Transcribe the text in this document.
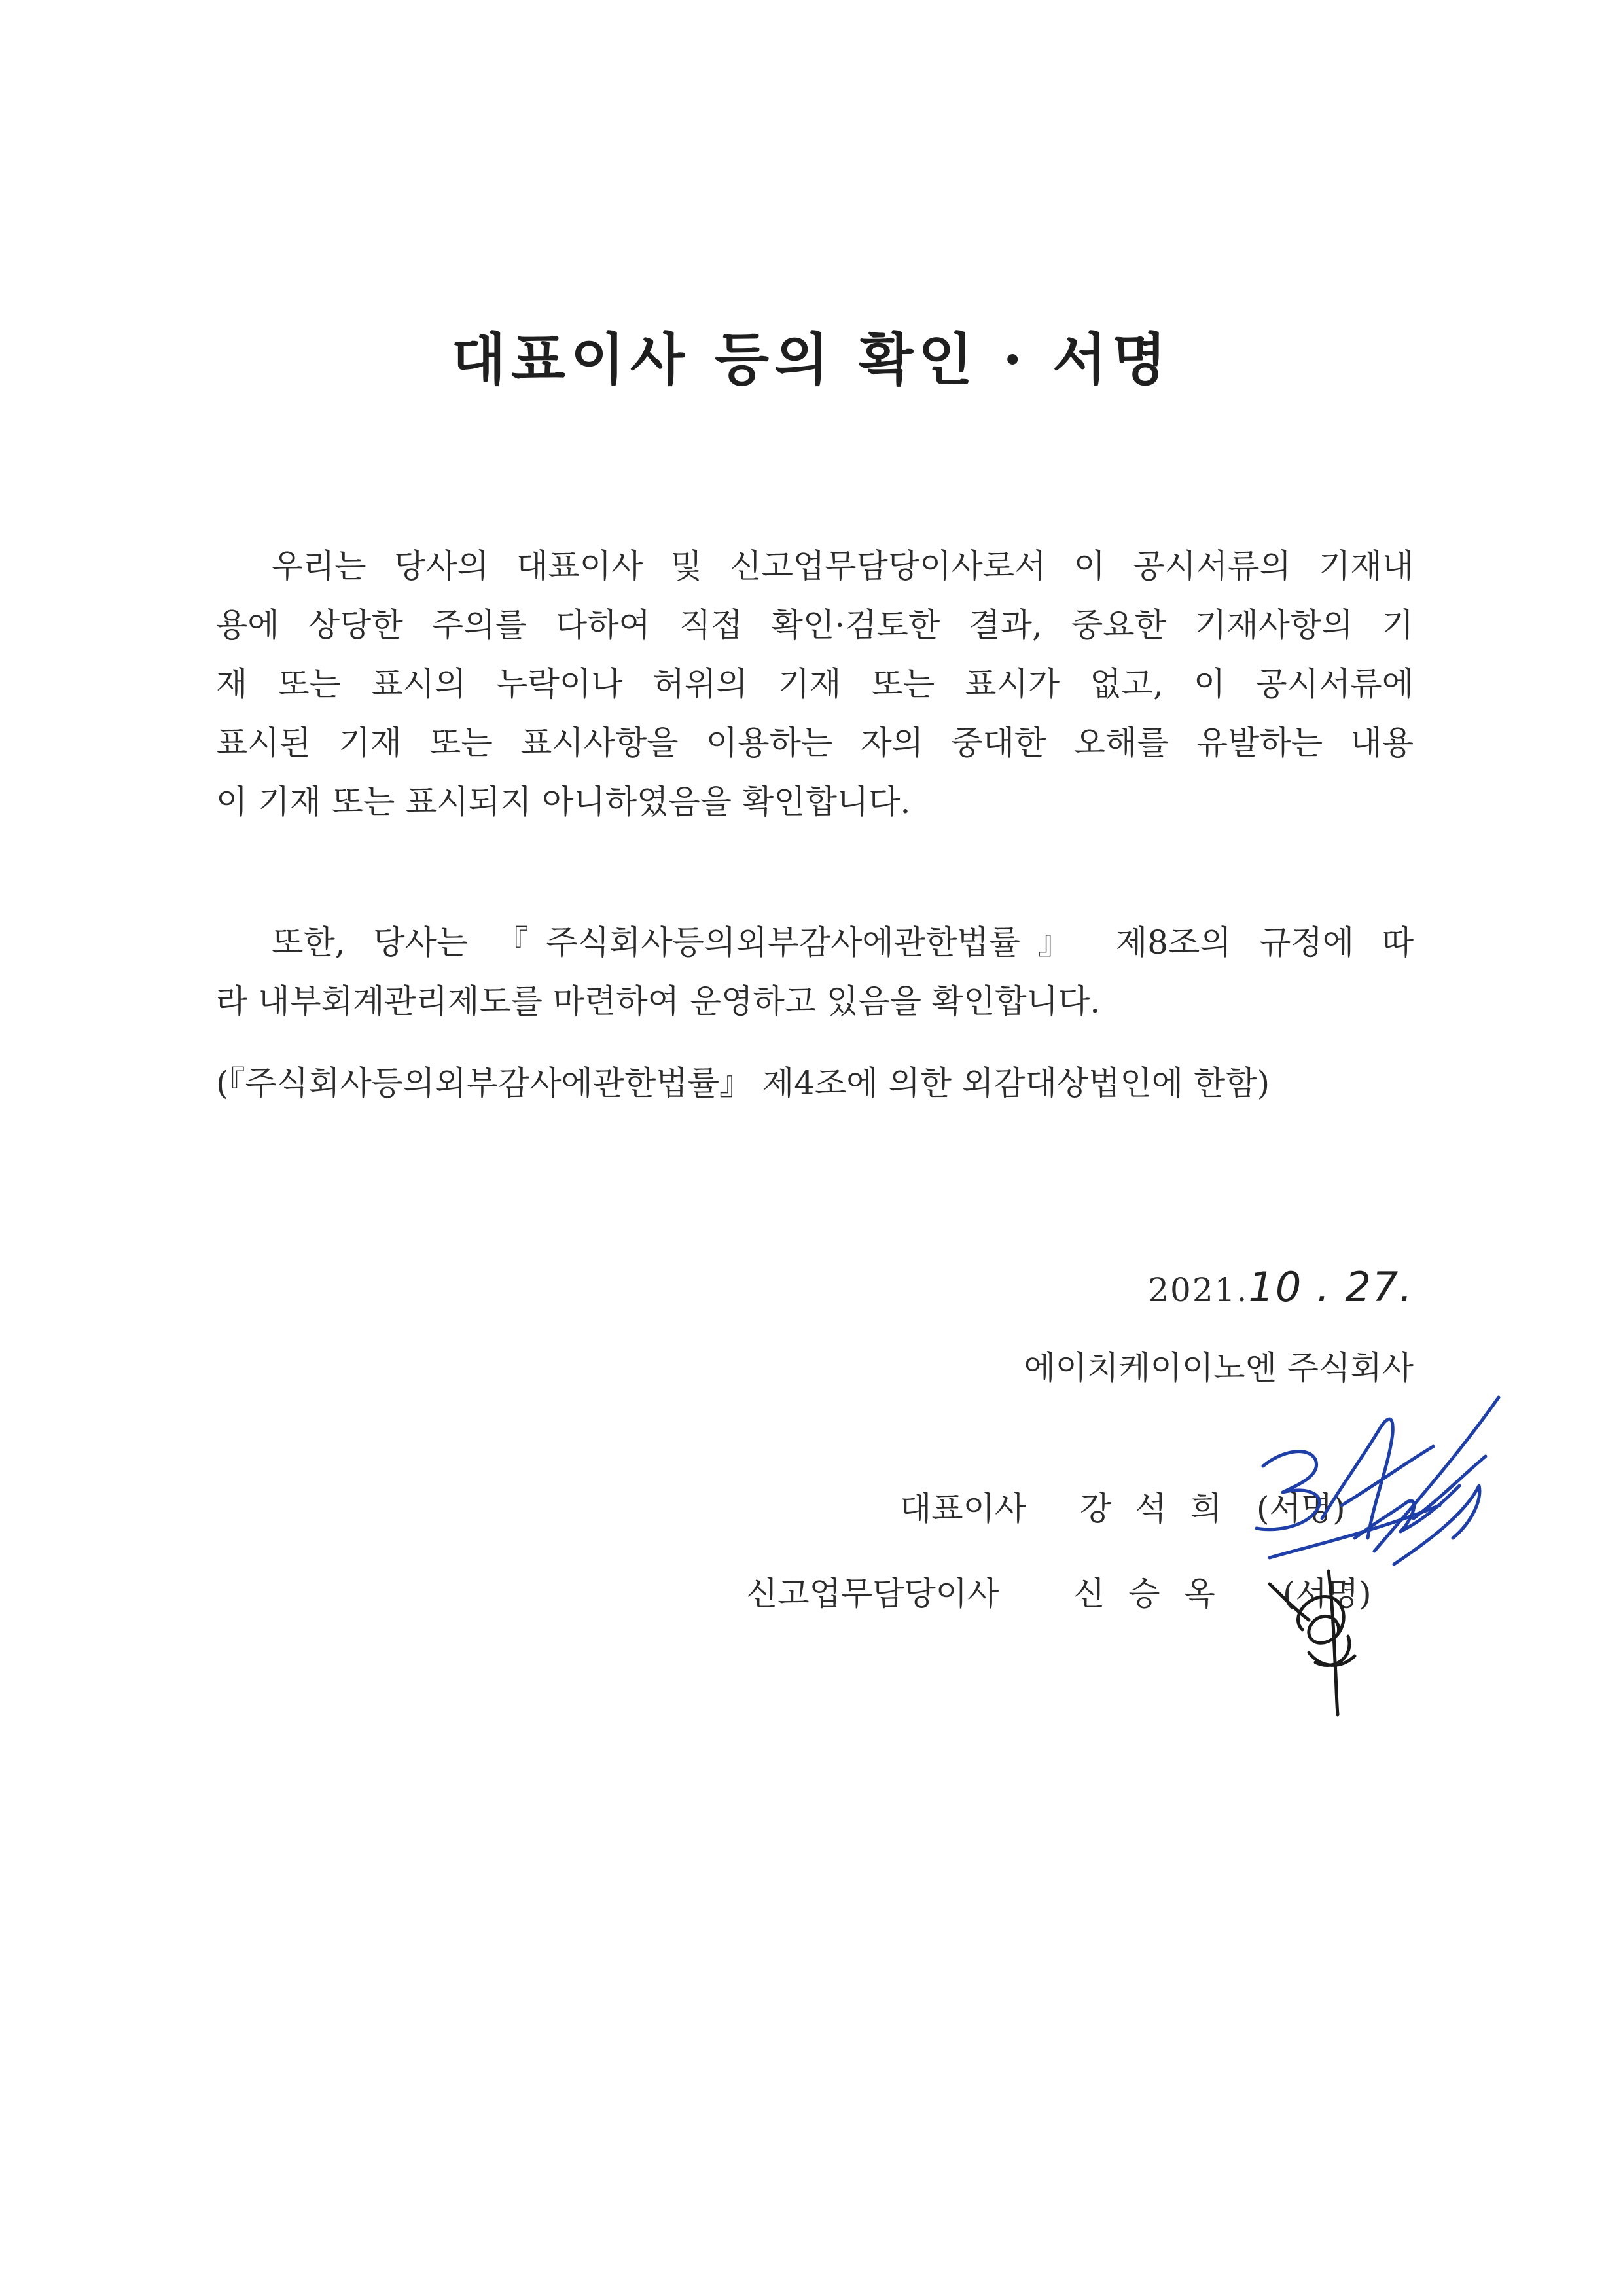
대표이사 등의 확인 · 서명
우리는 당사의 대표이사 및 신고업무담당이사로서 이 공시서류의 기재내
용에 상당한 주의를 다하여 직접 확인·검토한 결과, 중요한 기재사항의 기
재 또는 표시의 누락이나 허위의 기재 또는 표시가 없고, 이 공시서류에
표시된 기재 또는 표시사항을 이용하는 자의 중대한 오해를 유발하는 내용
이 기재 또는 표시되지 아니하였음을 확인합니다.
또한, 당사는 『주식회사등의외부감사에관한법률』 제8조의 규정에 따
라 내부회계관리제도를 마련하여 운영하고 있음을 확인합니다.
(『주식회사등의외부감사에관한법률』 제4조에 의한 외감대상법인에 한함)
2021.10 . 27.
에이치케이이노엔 주식회사
대표이사 강석희 (서명)
신고업무담당이사 신승옥 (서명)
